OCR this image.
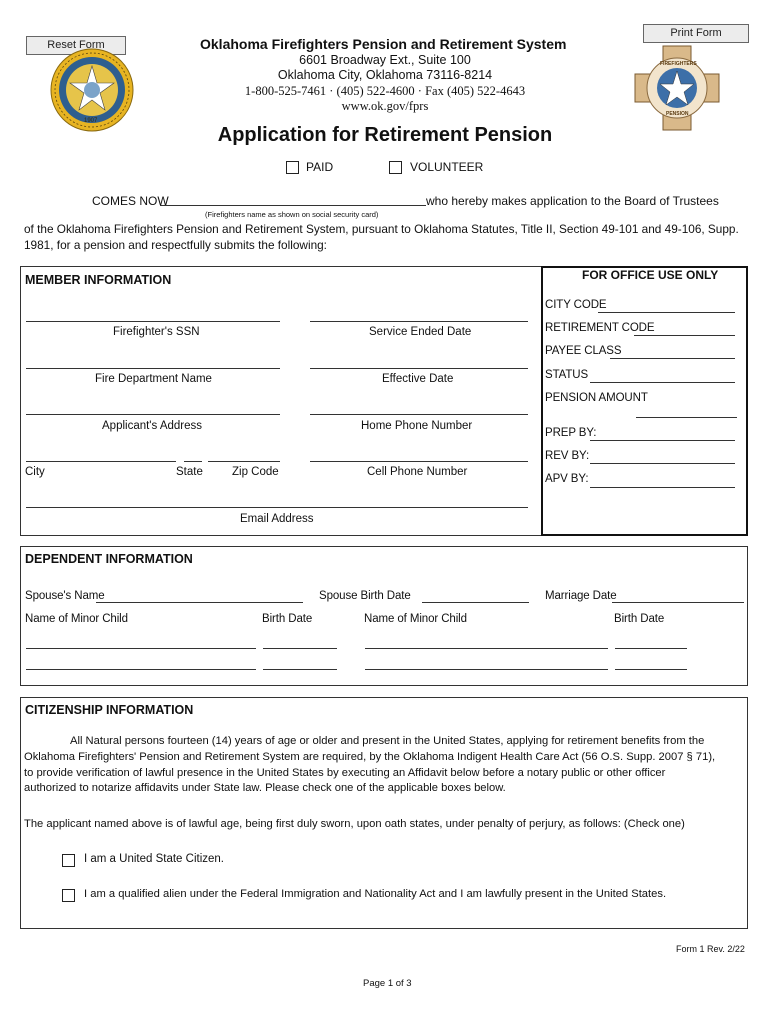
Reset Form
Print Form
1907
FIREFIGHTERS
PENSION
Oklahoma Firefighters Pension and Retirement System
6601 Broadway Ext., Suite 100
Oklahoma City, Oklahoma 73116-8214
1-800-525-7461 · (405) 522-4600 · Fax (405) 522-4643
www.ok.gov/fprs
Application for Retirement Pension
PAID	VOLUNTEER
COMES NOW	who hereby makes application to the Board of Trustees
(Firefighters name as shown on social security card)
of the Oklahoma Firefighters Pension and Retirement System, pursuant to Oklahoma Statutes, Title II, Section 49-101 and 49-106, Supp.
1981, for a pension and respectfully submits the following:
MEMBER INFORMATION
Firefighter's SSN	Service Ended Date
Fire Department Name	Effective Date
Applicant's Address	Home Phone Number
City	State	Zip Code	Cell Phone Number
Email Address
FOR OFFICE USE ONLY
CITY CODE
RETIREMENT CODE
PAYEE CLASS
STATUS
PENSION AMOUNT
PREP BY:
REV BY:
APV BY:
DEPENDENT INFORMATION
Spouse's Name	Spouse Birth Date	Marriage Date
Name of Minor Child	Birth Date	Name of Minor Child	Birth Date
CITIZENSHIP INFORMATION
All Natural persons fourteen (14) years of age or older and present in the United States, applying for retirement benefits from the
Oklahoma Firefighters' Pension and Retirement System are required, by the Oklahoma Indigent Health Care Act (56 O.S. Supp. 2007 § 71),
to provide verification of lawful presence in the United States by executing an Affidavit below before a notary public or other officer
authorized to notarize affidavits under State law. Please check one of the applicable boxes below.
The applicant named above is of lawful age, being first duly sworn, upon oath states, under penalty of perjury, as follows: (Check one)
I am a United State Citizen.
I am a qualified alien under the Federal Immigration and Nationality Act and I am lawfully present in the United States.
Form 1 Rev. 2/22
Page 1 of 3
